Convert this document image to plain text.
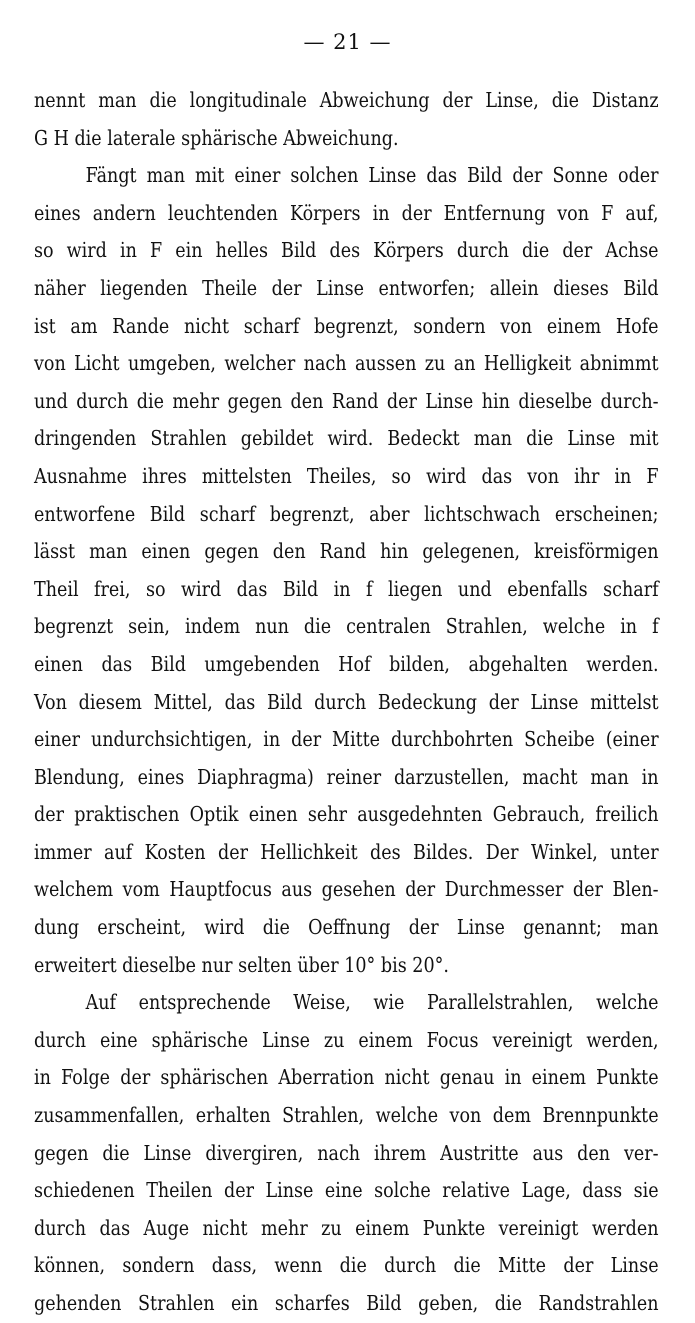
— 21 —
nennt man die longitudinale Abweichung der Linse, die Distanz
G H die laterale sphärische Abweichung.
Fängt man mit einer solchen Linse das Bild der Sonne oder
eines andern leuchtenden Körpers in der Entfernung von F auf,
so wird in F ein helles Bild des Körpers durch die der Achse
näher liegenden Theile der Linse entworfen; allein dieses Bild
ist am Rande nicht scharf begrenzt, sondern von einem Hofe
von Licht umgeben, welcher nach aussen zu an Helligkeit abnimmt
und durch die mehr gegen den Rand der Linse hin dieselbe durch-
dringenden Strahlen gebildet wird. Bedeckt man die Linse mit
Ausnahme ihres mittelsten Theiles, so wird das von ihr in F
entworfene Bild scharf begrenzt, aber lichtschwach erscheinen;
lässt man einen gegen den Rand hin gelegenen, kreisförmigen
Theil frei, so wird das Bild in f liegen und ebenfalls scharf
begrenzt sein, indem nun die centralen Strahlen, welche in f
einen das Bild umgebenden Hof bilden, abgehalten werden.
Von diesem Mittel, das Bild durch Bedeckung der Linse mittelst
einer undurchsichtigen, in der Mitte durchbohrten Scheibe (einer
Blendung, eines Diaphragma) reiner darzustellen, macht man in
der praktischen Optik einen sehr ausgedehnten Gebrauch, freilich
immer auf Kosten der Hellichkeit des Bildes. Der Winkel, unter
welchem vom Hauptfocus aus gesehen der Durchmesser der Blen-
dung erscheint, wird die Oeffnung der Linse genannt; man
erweitert dieselbe nur selten über 10° bis 20°.
Auf entsprechende Weise, wie Parallelstrahlen, welche
durch eine sphärische Linse zu einem Focus vereinigt werden,
in Folge der sphärischen Aberration nicht genau in einem Punkte
zusammenfallen, erhalten Strahlen, welche von dem Brennpunkte
gegen die Linse divergiren, nach ihrem Austritte aus den ver-
schiedenen Theilen der Linse eine solche relative Lage, dass sie
durch das Auge nicht mehr zu einem Punkte vereinigt werden
können, sondern dass, wenn die durch die Mitte der Linse
gehenden Strahlen ein scharfes Bild geben, die Randstrahlen
